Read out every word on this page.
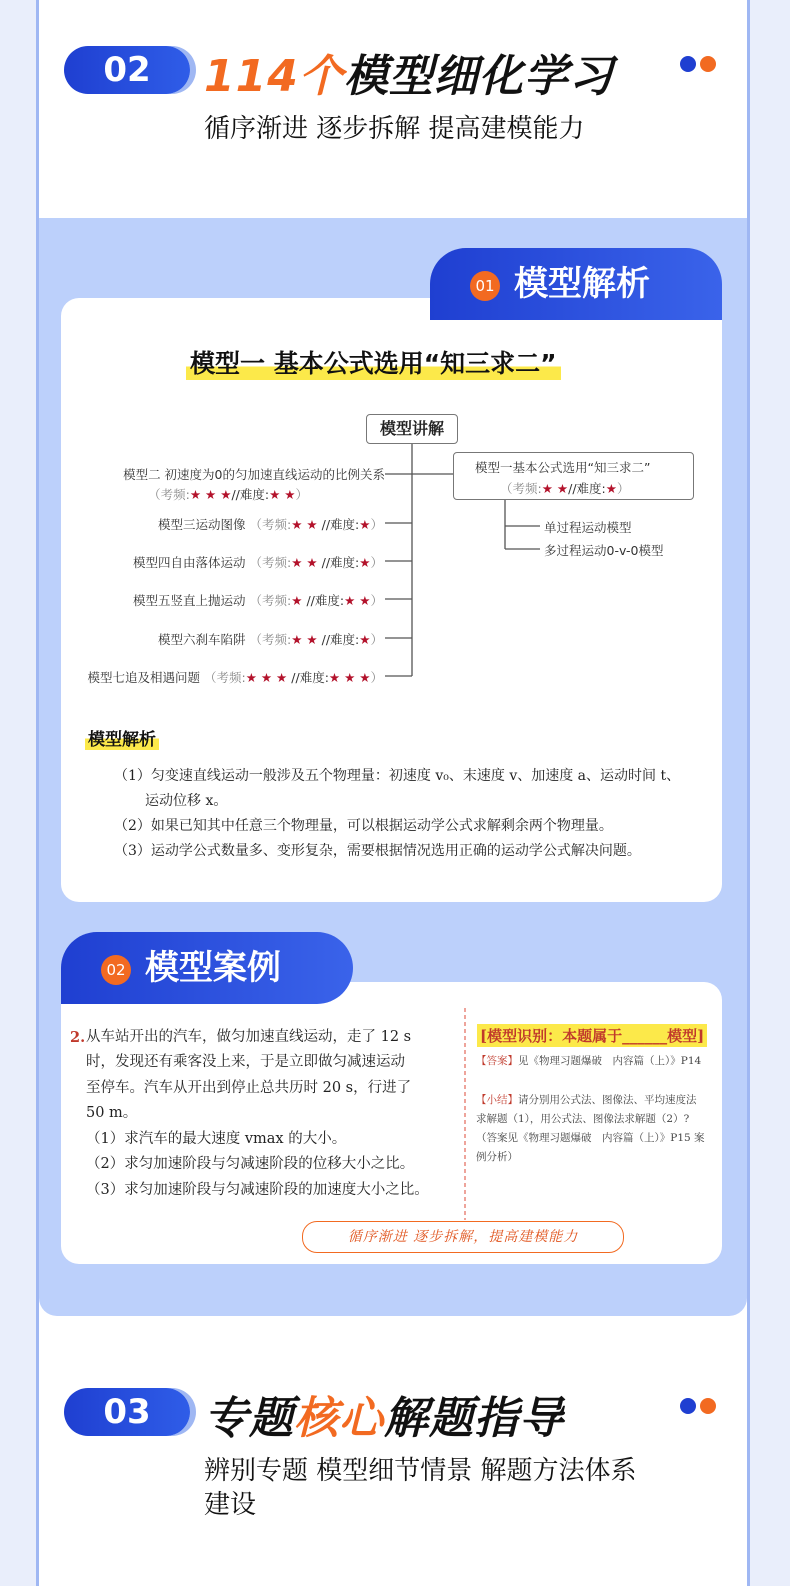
02	114个模型细化学习
循序渐进 逐步拆解 提高建模能力
01 模型解析
模型一 基本公式选用“知三求二”
模型讲解
模型一基本公式选用“知三求二”
（考频:★ ★//难度:★）
单过程运动模型
多过程运动0-v-0模型
模型二 初速度为0的匀加速直线运动的比例关系
（考频:★ ★ ★//难度:★ ★）
模型三运动图像 （考频:★ ★ //难度:★）
模型四自由落体运动 （考频:★ ★ //难度:★）
模型五竖直上抛运动 （考频:★ //难度:★ ★）
模型六刹车陷阱 （考频:★ ★ //难度:★）
模型七追及相遇问题 （考频:★ ★ ★ //难度:★ ★ ★）
模型解析
（1）匀变速直线运动一般涉及五个物理量：初速度 v₀、末速度 v、加速度 a、运动时间 t、
运动位移 x。
（2）如果已知其中任意三个物理量，可以根据运动学公式求解剩余两个物理量。
（3）运动学公式数量多、变形复杂，需要根据情况选用正确的运动学公式解决问题。
02 模型案例
2. 从车站开出的汽车，做匀加速直线运动，走了 12 s
时，发现还有乘客没上来，于是立即做匀减速运动
至停车。汽车从开出到停止总共历时 20 s，行进了
50 m。
（1）求汽车的最大速度 vmax 的大小。
（2）求匀加速阶段与匀减速阶段的位移大小之比。
（3）求匀加速阶段与匀减速阶段的加速度大小之比。
[模型识别：本题属于______模型]
【答案】见《物理习题爆破　内容篇（上）》P14
【小结】请分别用公式法、图像法、平均速度法
求解题（1），用公式法、图像法求解题（2）?
（答案见《物理习题爆破　内容篇（上）》P15 案
例分析）
循序渐进 逐步拆解，提高建模能力
03	专题核心解题指导
辨别专题 模型细节情景 解题方法体系
建设
